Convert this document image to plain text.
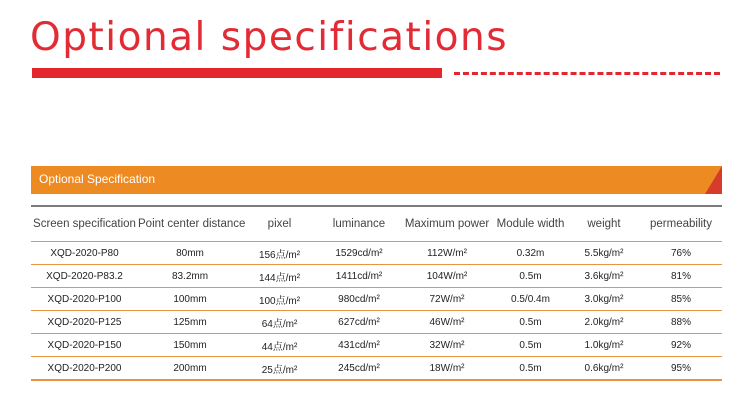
Optional specifications
Optional Specification
Screen specification	Point center distance	pixel	luminance	Maximum power	Module width	weight	permeability
XQD-2020-P80	80mm	156点/m²	1529cd/m²	112W/m²	0.32m	5.5kg/m²	76%
XQD-2020-P83.2	83.2mm	144点/m²	1411cd/m²	104W/m²	0.5m	3.6kg/m²	81%
XQD-2020-P100	100mm	100点/m²	980cd/m²	72W/m²	0.5/0.4m	3.0kg/m²	85%
XQD-2020-P125	125mm	64点/m²	627cd/m²	46W/m²	0.5m	2.0kg/m²	88%
XQD-2020-P150	150mm	44点/m²	431cd/m²	32W/m²	0.5m	1.0kg/m²	92%
XQD-2020-P200	200mm	25点/m²	245cd/m²	18W/m²	0.5m	0.6kg/m²	95%
